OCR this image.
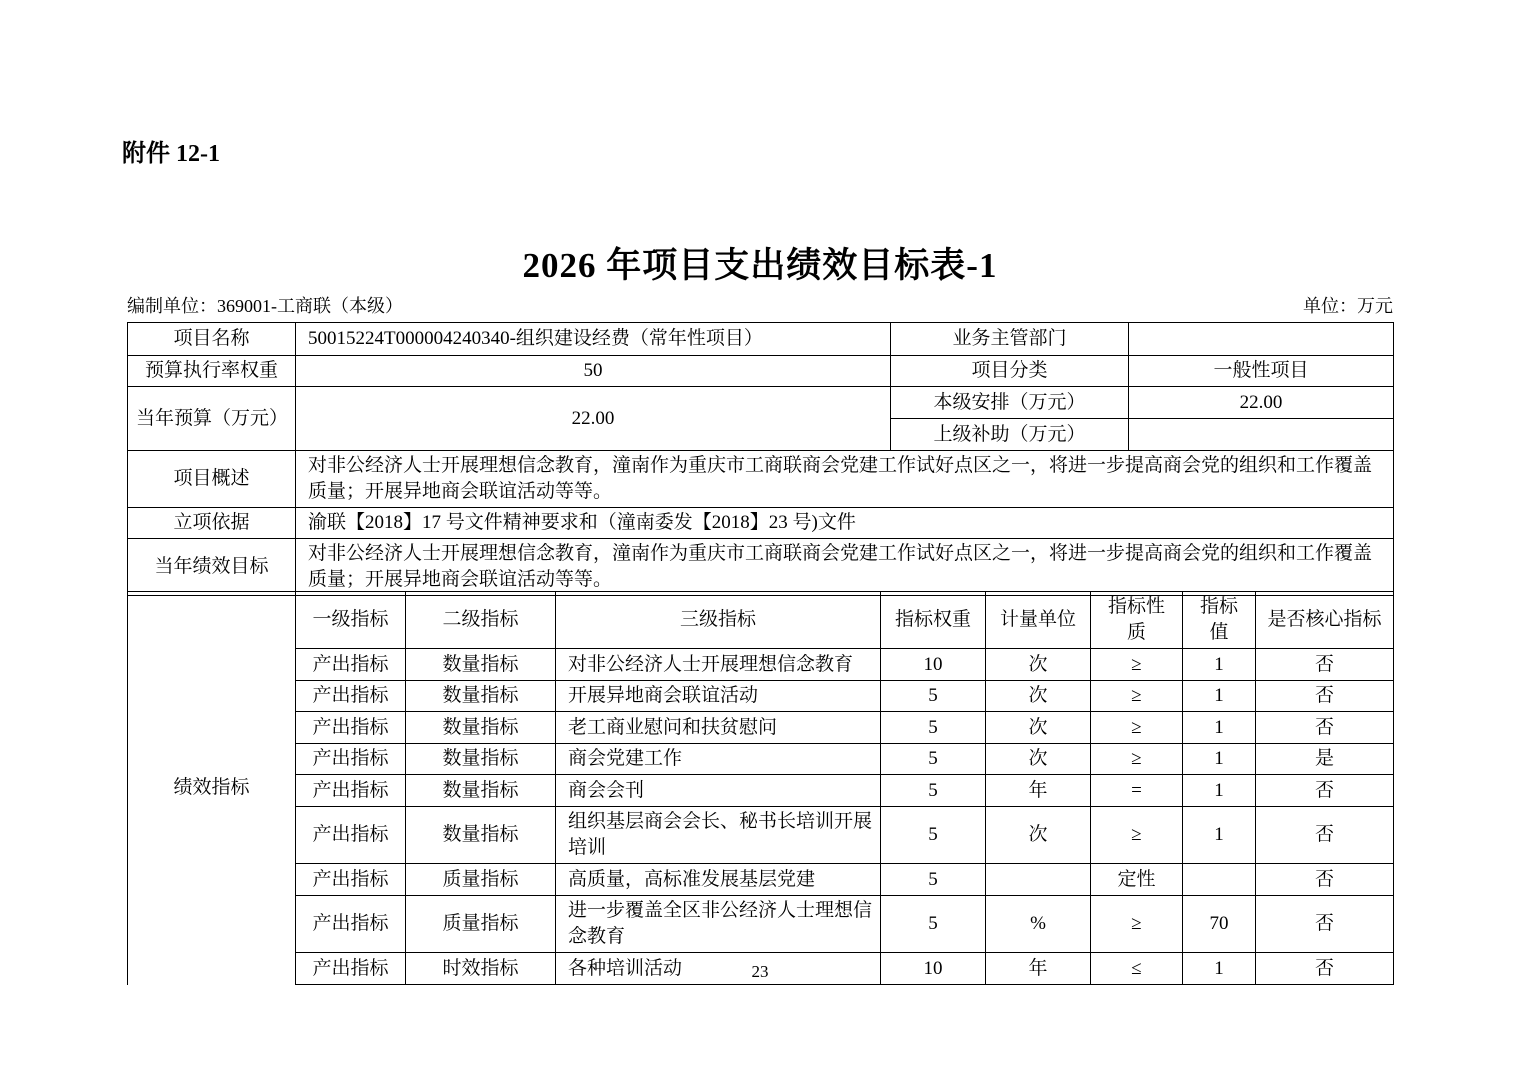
附件 12-1
2026 年项目支出绩效目标表-1
编制单位：369001-工商联（本级）	单位：万元
项目名称	50015224T000004240340-组织建设经费（常年性项目）	业务主管部门	
预算执行率权重	50	项目分类	一般性项目
当年预算（万元）	22.00	本级安排（万元）	22.00
		上级补助（万元）	
项目概述	对非公经济人士开展理想信念教育，潼南作为重庆市工商联商会党建工作试好点区之一，将进一步提高商会党的组织和工作覆盖质量；开展异地商会联谊活动等等。		
立项依据	渝联【2018】17 号文件精神要求和（潼南委发【2018】23 号)文件		
当年绩效目标	对非公经济人士开展理想信念教育，潼南作为重庆市工商联商会党建工作试好点区之一，将进一步提高商会党的组织和工作覆盖质量；开展异地商会联谊活动等等。		
绩效指标	一级指标	二级指标	三级指标	指标权重	计量单位	指标性质	指标值	是否核心指标
	产出指标	数量指标	对非公经济人士开展理想信念教育	10	次	≥	1	否
	产出指标	数量指标	开展异地商会联谊活动	5	次	≥	1	否
	产出指标	数量指标	老工商业慰问和扶贫慰问	5	次	≥	1	否
	产出指标	数量指标	商会党建工作	5	次	≥	1	是
	产出指标	数量指标	商会会刊	5	年	=	1	否
	产出指标	数量指标	组织基层商会会长、秘书长培训开展培训	5	次	≥	1	否
	产出指标	质量指标	高质量，高标准发展基层党建	5		定性		否
	产出指标	质量指标	进一步覆盖全区非公经济人士理想信念教育	5	%	≥	70	否
	产出指标	时效指标	各种培训活动	10	年	≤	1	否
23
